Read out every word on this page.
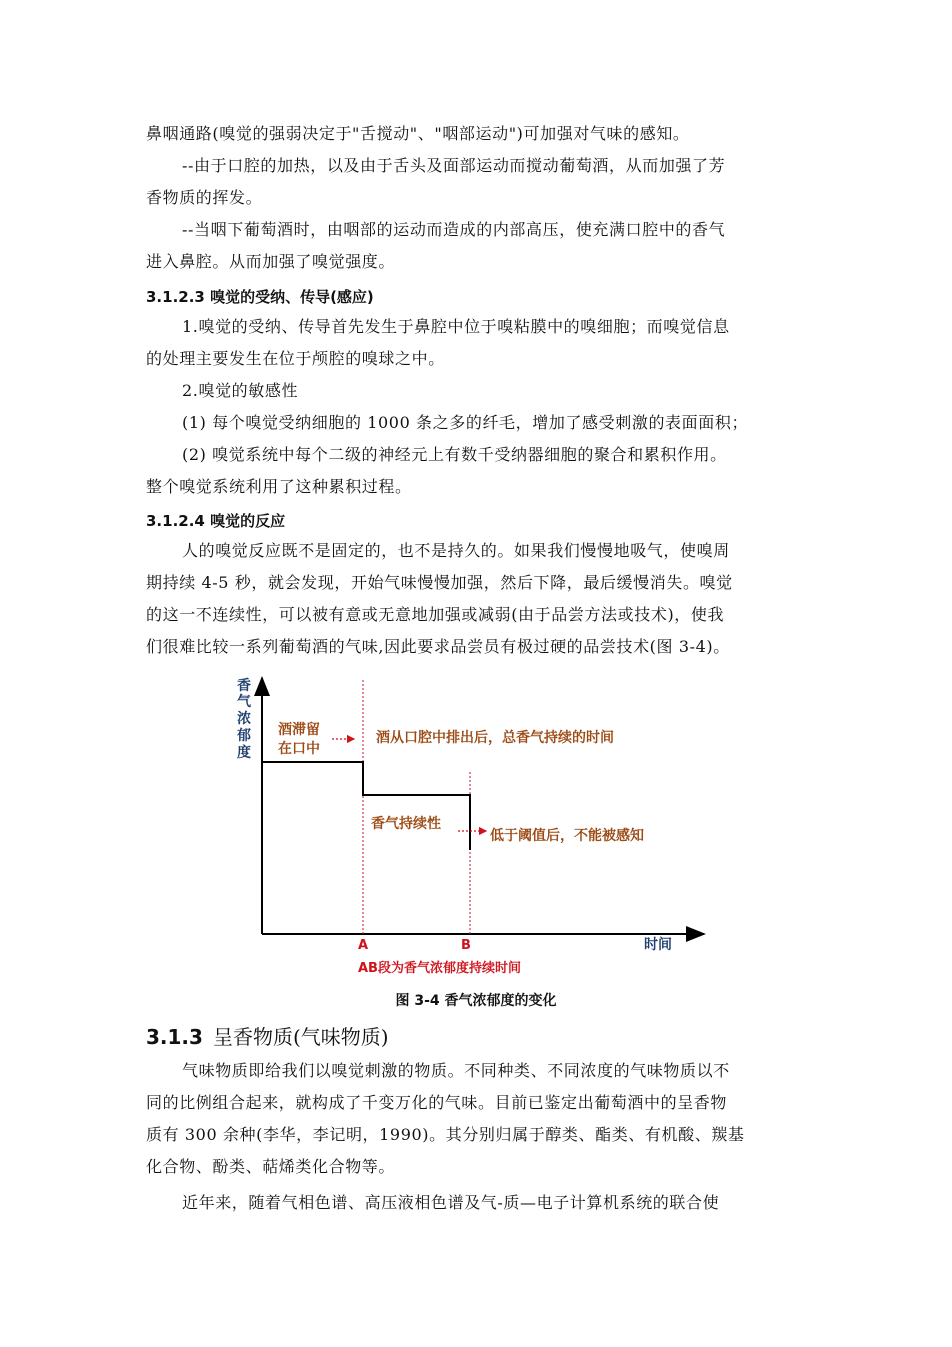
鼻咽通路(嗅觉的强弱决定于"舌搅动"、"咽部运动")可加强对气味的感知。

--由于口腔的加热，以及由于舌头及面部运动而搅动葡萄酒，从而加强了芳
香物质的挥发。

--当咽下葡萄酒时，由咽部的运动而造成的内部高压，使充满口腔中的香气
进入鼻腔。从而加强了嗅觉强度。

3.1.2.3 嗅觉的受纳、传导(感应)

1.嗅觉的受纳、传导首先发生于鼻腔中位于嗅粘膜中的嗅细胞；而嗅觉信息
的处理主要发生在位于颅腔的嗅球之中。

2.嗅觉的敏感性

(1) 每个嗅觉受纳细胞的 1000 条之多的纤毛，增加了感受刺激的表面面积；

(2) 嗅觉系统中每个二级的神经元上有数千受纳器细胞的聚合和累积作用。
整个嗅觉系统利用了这种累积过程。

3.1.2.4 嗅觉的反应

人的嗅觉反应既不是固定的，也不是持久的。如果我们慢慢地吸气，使嗅周
期持续 4-5 秒，就会发现，开始气味慢慢加强，然后下降，最后缓慢消失。嗅觉
的这一不连续性，可以被有意或无意地加强或减弱(由于品尝方法或技术)，使我
们很难比较一系列葡萄酒的气味,因此要求品尝员有极过硬的品尝技术(图 3-4)。

香
气
浓
郁
度
酒滞留
在口中
酒从口腔中排出后，总香气持续的时间
香气持续性
低于阈值后，不能被感知
A	B
AB段为香气浓郁度持续时间
时间
图 3-4 香气浓郁度的变化
3.1.3 呈香物质(气味物质)

气味物质即给我们以嗅觉刺激的物质。不同种类、不同浓度的气味物质以不
同的比例组合起来，就构成了千变万化的气味。目前已鉴定出葡萄酒中的呈香物
质有 300 余种(李华，李记明，1990)。其分别归属于醇类、酯类、有机酸、羰基
化合物、酚类、萜烯类化合物等。

近年来，随着气相色谱、高压液相色谱及气-质—电子计算机系统的联合使
